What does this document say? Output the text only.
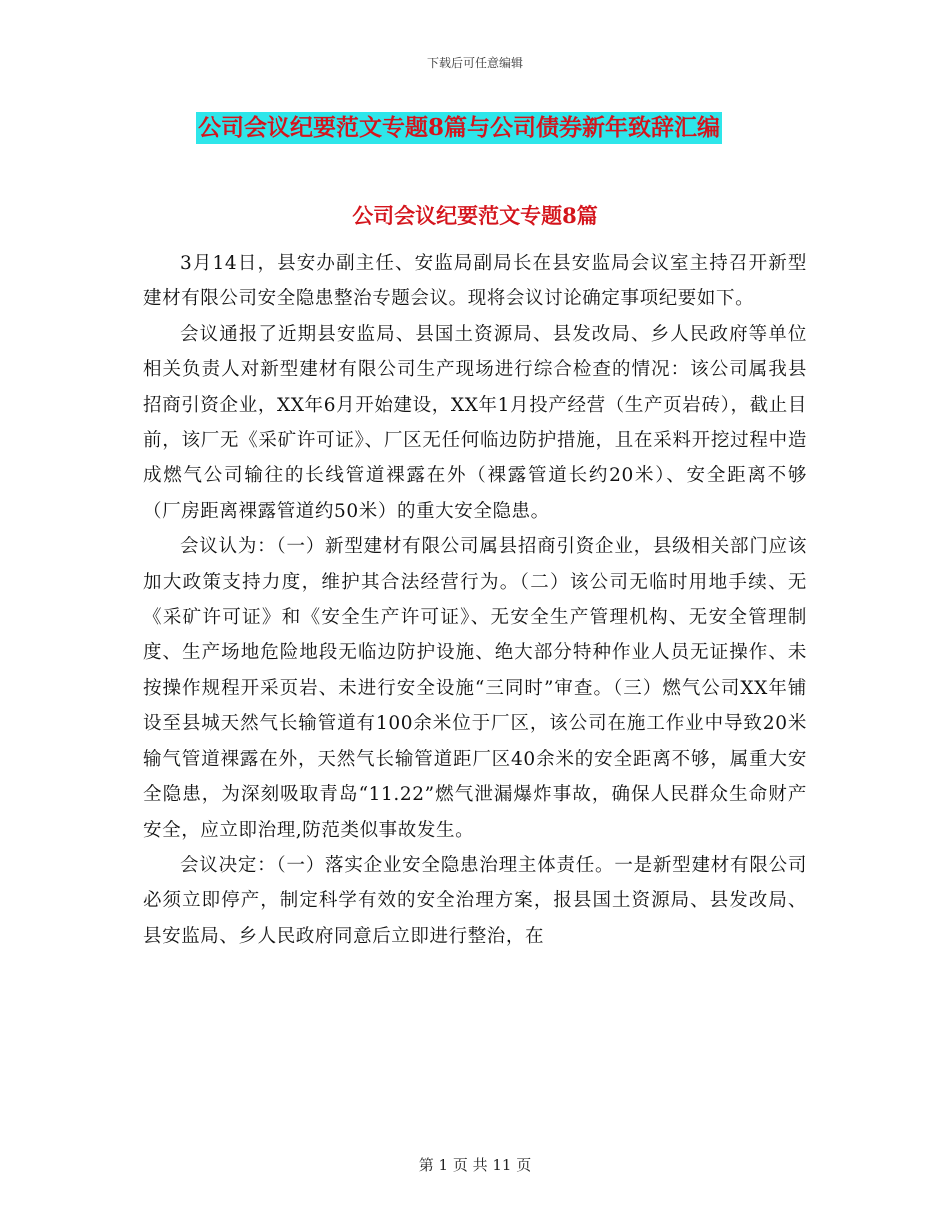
下载后可任意编辑
公司会议纪要范文专题8篇与公司债券新年致辞汇编
公司会议纪要范文专题8篇

3月14日，县安办副主任、安监局副局长在县安监局会议室主持召开新型建材有限公司安全隐患整治专题会议。现将会议讨论确定事项纪要如下。

会议通报了近期县安监局、县国土资源局、县发改局、乡人民政府等单位相关负责人对新型建材有限公司生产现场进行综合检查的情况：该公司属我县招商引资企业，XX年6月开始建设，XX年1月投产经营（生产页岩砖），截止目前，该厂无《采矿许可证》、厂区无任何临边防护措施，且在采料开挖过程中造成燃气公司输往的长线管道裸露在外（裸露管道长约20米）、安全距离不够（厂房距离裸露管道约50米）的重大安全隐患。

会议认为：（一）新型建材有限公司属县招商引资企业，县级相关部门应该加大政策支持力度，维护其合法经营行为。（二）该公司无临时用地手续、无《采矿许可证》和《安全生产许可证》、无安全生产管理机构、无安全管理制度、生产场地危险地段无临边防护设施、绝大部分特种作业人员无证操作、未按操作规程开采页岩、未进行安全设施“三同时”审查。（三）燃气公司XX年铺设至县城天然气长输管道有100余米位于厂区，该公司在施工作业中导致20米输气管道裸露在外，天然气长输管道距厂区40余米的安全距离不够，属重大安全隐患，为深刻吸取青岛“11.22”燃气泄漏爆炸事故，确保人民群众生命财产安全，应立即治理,防范类似事故发生。

会议决定：（一）落实企业安全隐患治理主体责任。一是新型建材有限公司必须立即停产，制定科学有效的安全治理方案，报县国土资源局、县发改局、县安监局、乡人民政府同意后立即进行整治，在

第 1 页 共 11 页
